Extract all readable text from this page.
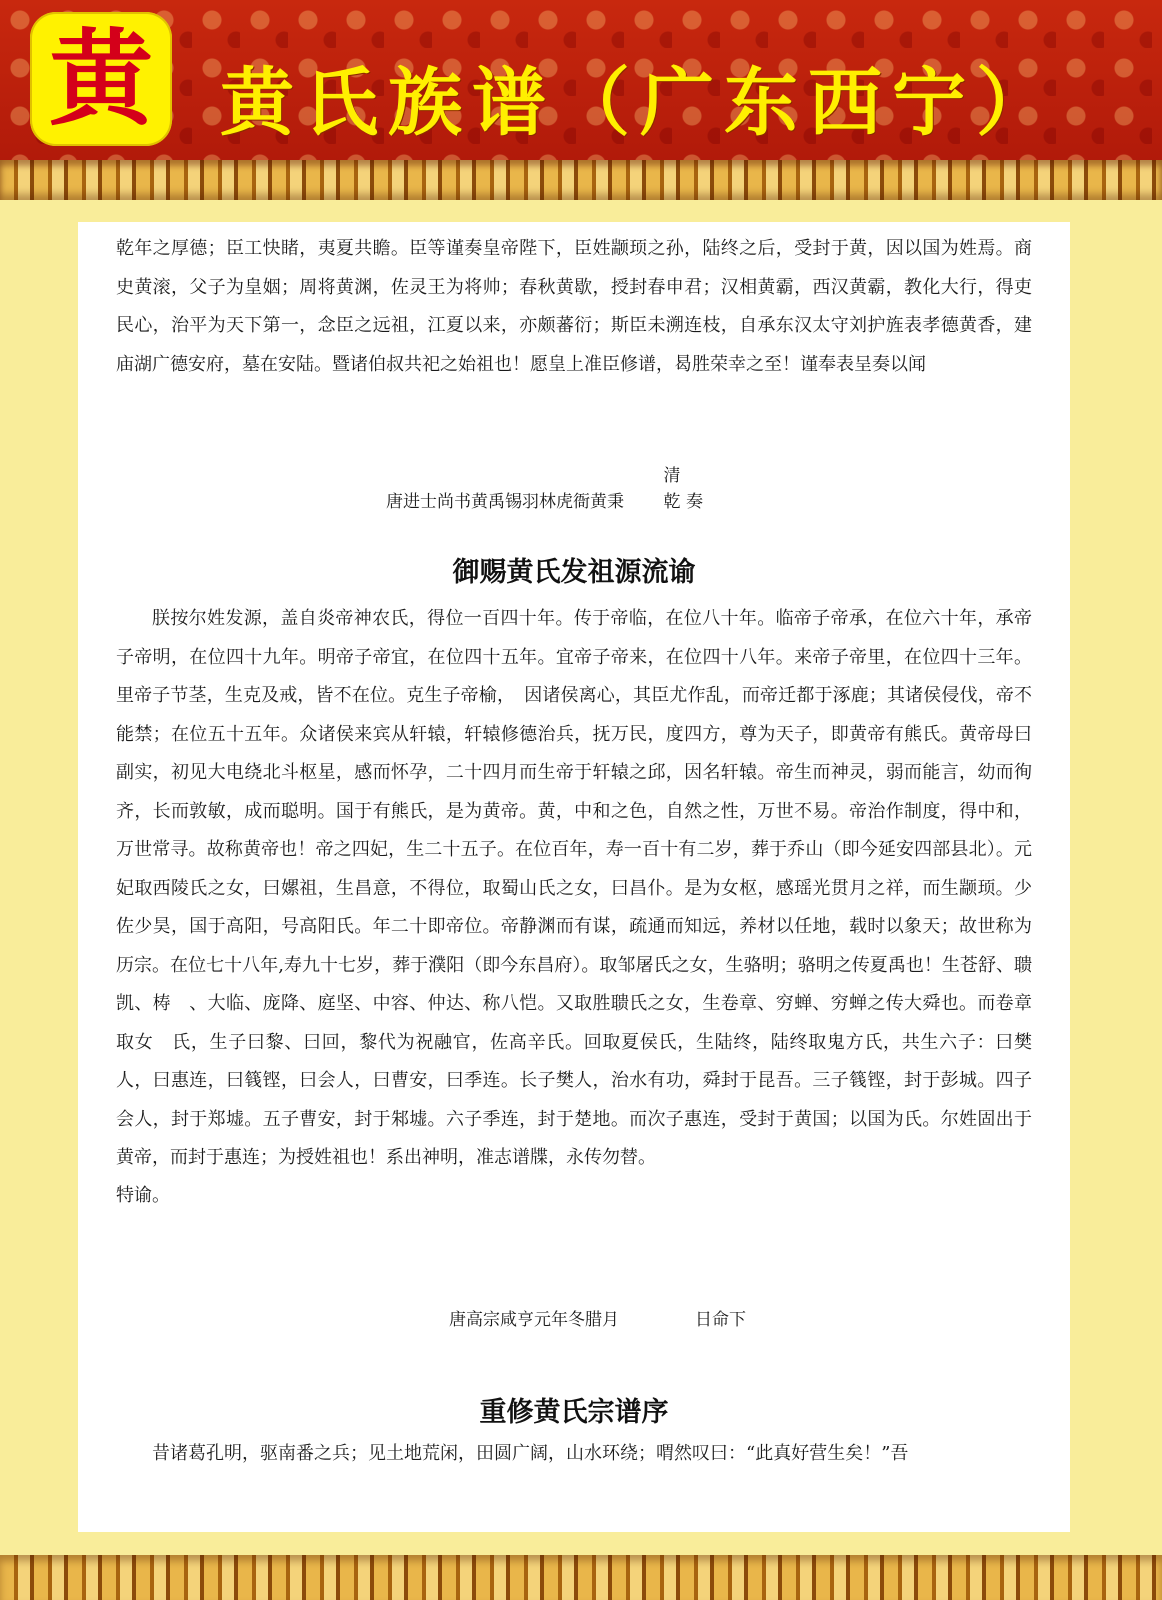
黄 黄氏族谱（广东西宁）

乾年之厚德；臣工快睹，夷夏共瞻。臣等谨奏皇帝陛下，臣姓颛顼之孙，陆终之后，受封于黄，因以国为姓焉。商史黄滚，父子为皇姻；周将黄渊，佐灵王为将帅；春秋黄歇，授封春申君；汉相黄霸，西汉黄霸，教化大行，得吏民心，治平为天下第一，念臣之远祖，江夏以来，亦颇蕃衍；斯臣未溯连枝，自承东汉太守刘护旌表孝德黄香，建庙湖广德安府，墓在安陆。暨诸伯叔共祀之始祖也！愿皇上准臣修谱，曷胜荣幸之至！谨奉表呈奏以闻

唐进士尚书黄禹锡羽林虎衙黄秉
清
乾 奏
御赐黄氏发祖源流谕

朕按尔姓发源，盖自炎帝神农氏，得位一百四十年。传于帝临，在位八十年。临帝子帝承，在位六十年，承帝子帝明，在位四十九年。明帝子帝宜，在位四十五年。宜帝子帝来，在位四十八年。来帝子帝里，在位四十三年。里帝子节茎，生克及戒，皆不在位。克生子帝榆，　因诸侯离心，其臣尤作乱，而帝迁都于涿鹿；其诸侯侵伐，帝不能禁；在位五十五年。众诸侯来宾从轩辕，轩辕修德治兵，抚万民，度四方，尊为天子，即黄帝有熊氏。黄帝母曰副实，初见大电绕北斗枢星，感而怀孕，二十四月而生帝于轩辕之邱，因名轩辕。帝生而神灵，弱而能言，幼而徇齐，长而敦敏，成而聪明。国于有熊氏，是为黄帝。黄，中和之色，自然之性，万世不易。帝治作制度，得中和，万世常寻。故称黄帝也！帝之四妃，生二十五子。在位百年，寿一百十有二岁，葬于乔山（即今延安四部县北）。元妃取西陵氏之女，曰嫘祖，生昌意，不得位，取蜀山氏之女，曰昌仆。是为女枢，感瑶光贯月之祥，而生颛顼。少佐少昊，国于高阳，号高阳氏。年二十即帝位。帝静渊而有谋，疏通而知远，养材以任地，载时以象天；故世称为历宗。在位七十八年,寿九十七岁，葬于濮阳（即今东昌府）。取邹屠氏之女，生骆明；骆明之传夏禹也！生苍舒、聩凯、梼　、大临、庞降、庭坚、中容、仲达、称八恺。又取胜聩氏之女，生卷章、穷蝉、穷蝉之传大舜也。而卷章取女　氏，生子曰黎、曰回，黎代为祝融官，佐高辛氏。回取夏侯氏，生陆终，陆终取鬼方氏，共生六子：曰樊人，曰惠连，曰篯铿，曰会人，曰曹安，曰季连。长子樊人，治水有功，舜封于昆吾。三子篯铿，封于彭城。四子会人，封于郑墟。五子曹安，封于邾墟。六子季连，封于楚地。而次子惠连，受封于黄国；以国为氏。尔姓固出于黄帝，而封于惠连；为授姓祖也！系出神明，准志谱牒，永传勿替。

特谕。

唐高宗咸亨元年冬腊月	日命下
重修黄氏宗谱序

昔诸葛孔明，驱南番之兵；见土地荒闲，田圆广阔，山水环绕；喟然叹曰：“此真好营生矣！”吾
